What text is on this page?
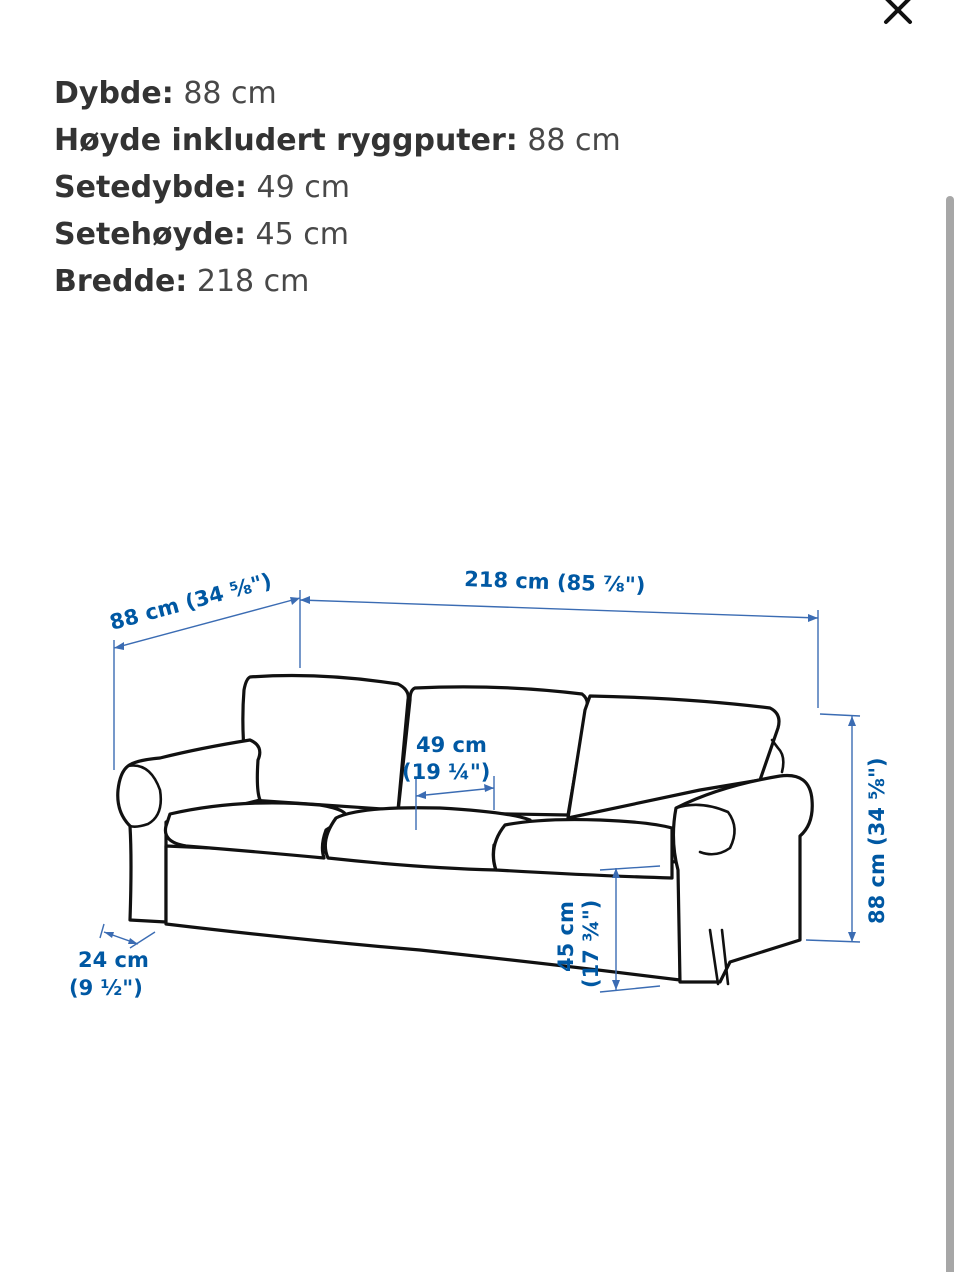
Dybde: 88 cm
Høyde inkludert ryggputer: 88 cm
Setedybde: 49 cm
Setehøyde: 45 cm
Bredde: 218 cm
88 cm (34 ⅝")	218 cm (85 ⅞")
49 cm
(19 ¼")	88 cm (34 ⅝")
45 cm (17 ¾")
24 cm
(9 ½")
